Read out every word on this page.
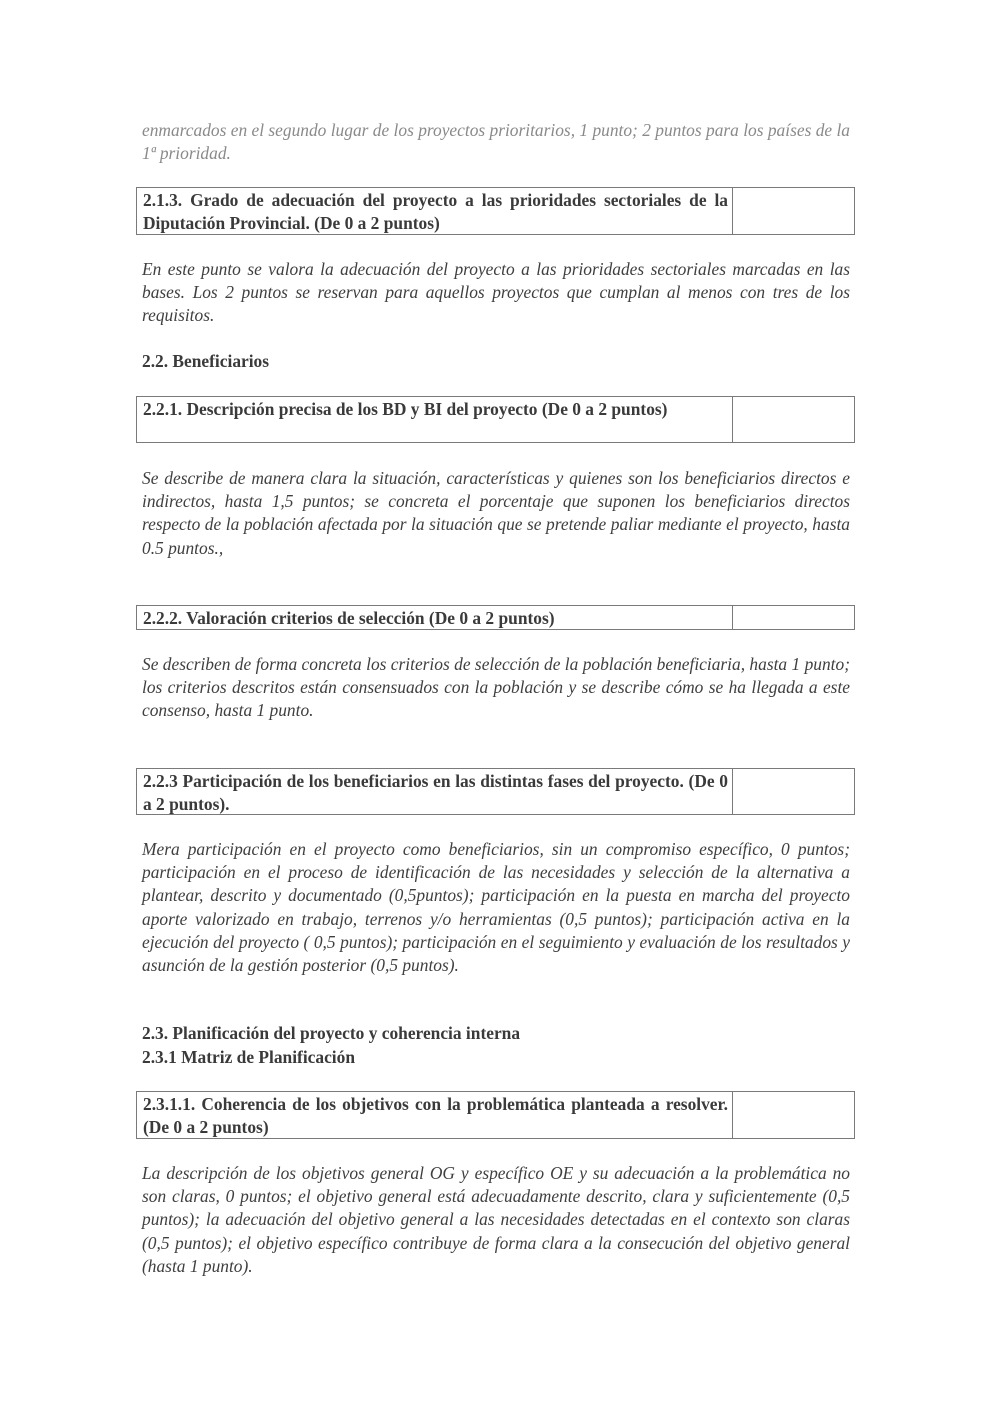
enmarcados en el segundo lugar de los proyectos prioritarios, 1 punto; 2 puntos para los países de la 1ª prioridad.

2.1.3. Grado de adecuación del proyecto a las prioridades sectoriales de la Diputación Provincial. (De 0 a 2 puntos)

En este punto se valora la adecuación del proyecto a las prioridades sectoriales marcadas en las bases. Los 2 puntos se reservan para aquellos proyectos que cumplan al menos con tres de los requisitos.

2.2. Beneficiarios

2.2.1. Descripción precisa de los BD y BI del proyecto (De 0 a 2 puntos)

Se describe de manera clara la situación, características y quienes son los beneficiarios directos e indirectos, hasta 1,5 puntos; se concreta el porcentaje que suponen los beneficiarios directos respecto de la población afectada por la situación que se pretende paliar mediante el proyecto, hasta 0.5 puntos.,

2.2.2. Valoración criterios de selección (De 0 a 2 puntos)

Se describen de forma concreta los criterios de selección de la población beneficiaria, hasta 1 punto; los criterios descritos están consensuados con la población y se describe cómo se ha llegada a este consenso, hasta 1 punto.

2.2.3 Participación de los beneficiarios en las distintas fases del proyecto. (De 0 a 2 puntos).

Mera participación en el proyecto como beneficiarios, sin un compromiso específico, 0 puntos; participación en el proceso de identificación de las necesidades y selección de la alternativa a plantear, descrito y documentado (0,5puntos); participación en la puesta en marcha del proyecto aporte valorizado en trabajo, terrenos y/o herramientas (0,5 puntos); participación activa en la ejecución del proyecto ( 0,5 puntos); participación en el seguimiento y evaluación de los resultados y asunción de la gestión posterior (0,5 puntos).

2.3. Planificación del proyecto y coherencia interna

2.3.1 Matriz de Planificación

2.3.1.1. Coherencia de los objetivos con la problemática planteada a resolver. (De 0 a 2 puntos)

La descripción de los objetivos general OG y específico OE y su adecuación a la problemática no son claras, 0 puntos; el objetivo general está adecuadamente descrito, clara y suficientemente (0,5 puntos); la adecuación del objetivo general a las necesidades detectadas en el contexto son claras (0,5 puntos); el objetivo específico contribuye de forma clara a la consecución del objetivo general (hasta 1 punto).
